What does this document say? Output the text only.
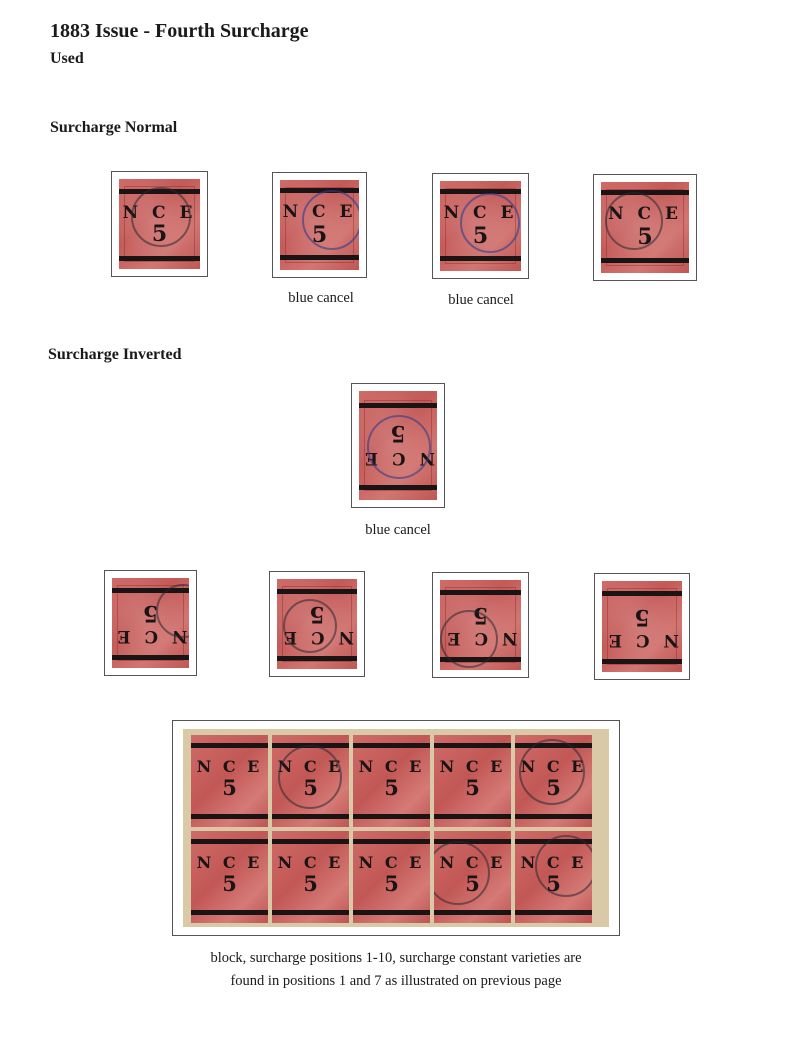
1883 Issue - Fourth Surcharge
Used
Surcharge Normal
N C E
5
N C E
5
blue cancel
N C E
5
blue cancel
N C E
5
Surcharge Inverted
N C E
5
blue cancel
N C E
5
N C E
5
N C E
5
N C E
5
N C E
5
N C E
5
N C E
5
N C E
5
N C E
5
N C E
5
N C E
5
N C E
5
N C E
5
N C E
5
block, surcharge positions 1-10, surcharge constant varieties are
found in positions 1 and 7 as illustrated on previous page
